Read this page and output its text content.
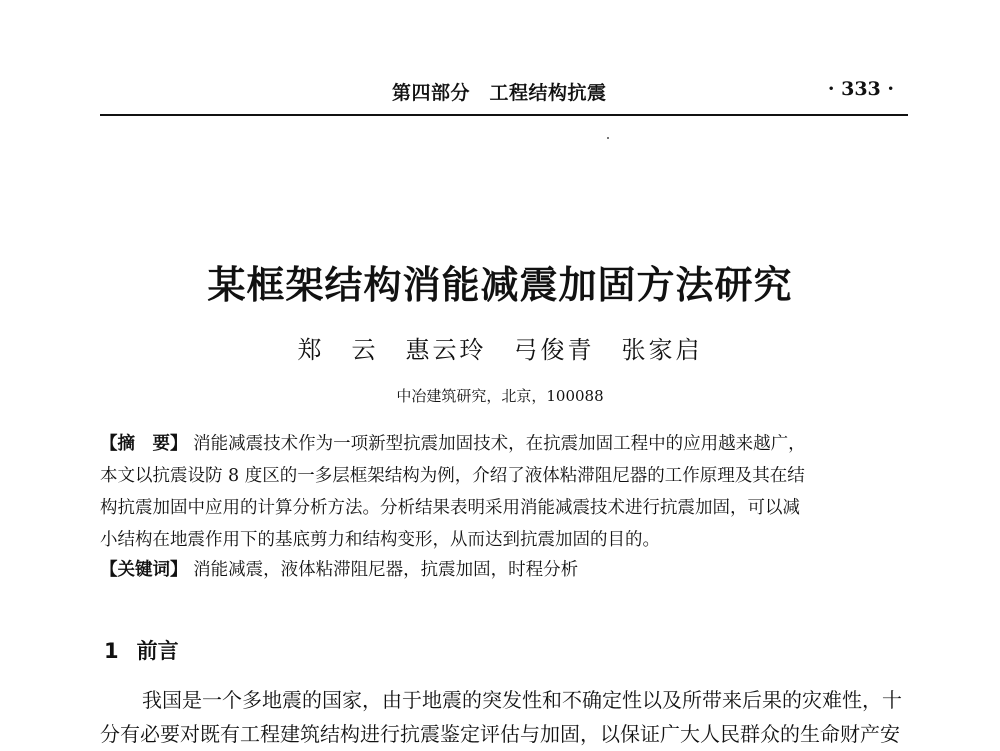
第四部分　工程结构抗震	· 333 ·
某框架结构消能减震加固方法研究
郑　云　惠云玲　弓俊青　张家启
中冶建筑研究，北京，100088
【摘　要】 消能减震技术作为一项新型抗震加固技术，在抗震加固工程中的应用越来越广，
本文以抗震设防 8 度区的一多层框架结构为例，介绍了液体粘滞阻尼器的工作原理及其在结
构抗震加固中应用的计算分析方法。分析结果表明采用消能减震技术进行抗震加固，可以减
小结构在地震作用下的基底剪力和结构变形，从而达到抗震加固的目的。
【关键词】 消能减震，液体粘滞阻尼器，抗震加固，时程分析
1 前言
我国是一个多地震的国家，由于地震的突发性和不确定性以及所带来后果的灾难性，十
分有必要对既有工程建筑结构进行抗震鉴定评估与加固，以保证广大人民群众的生命财产安
